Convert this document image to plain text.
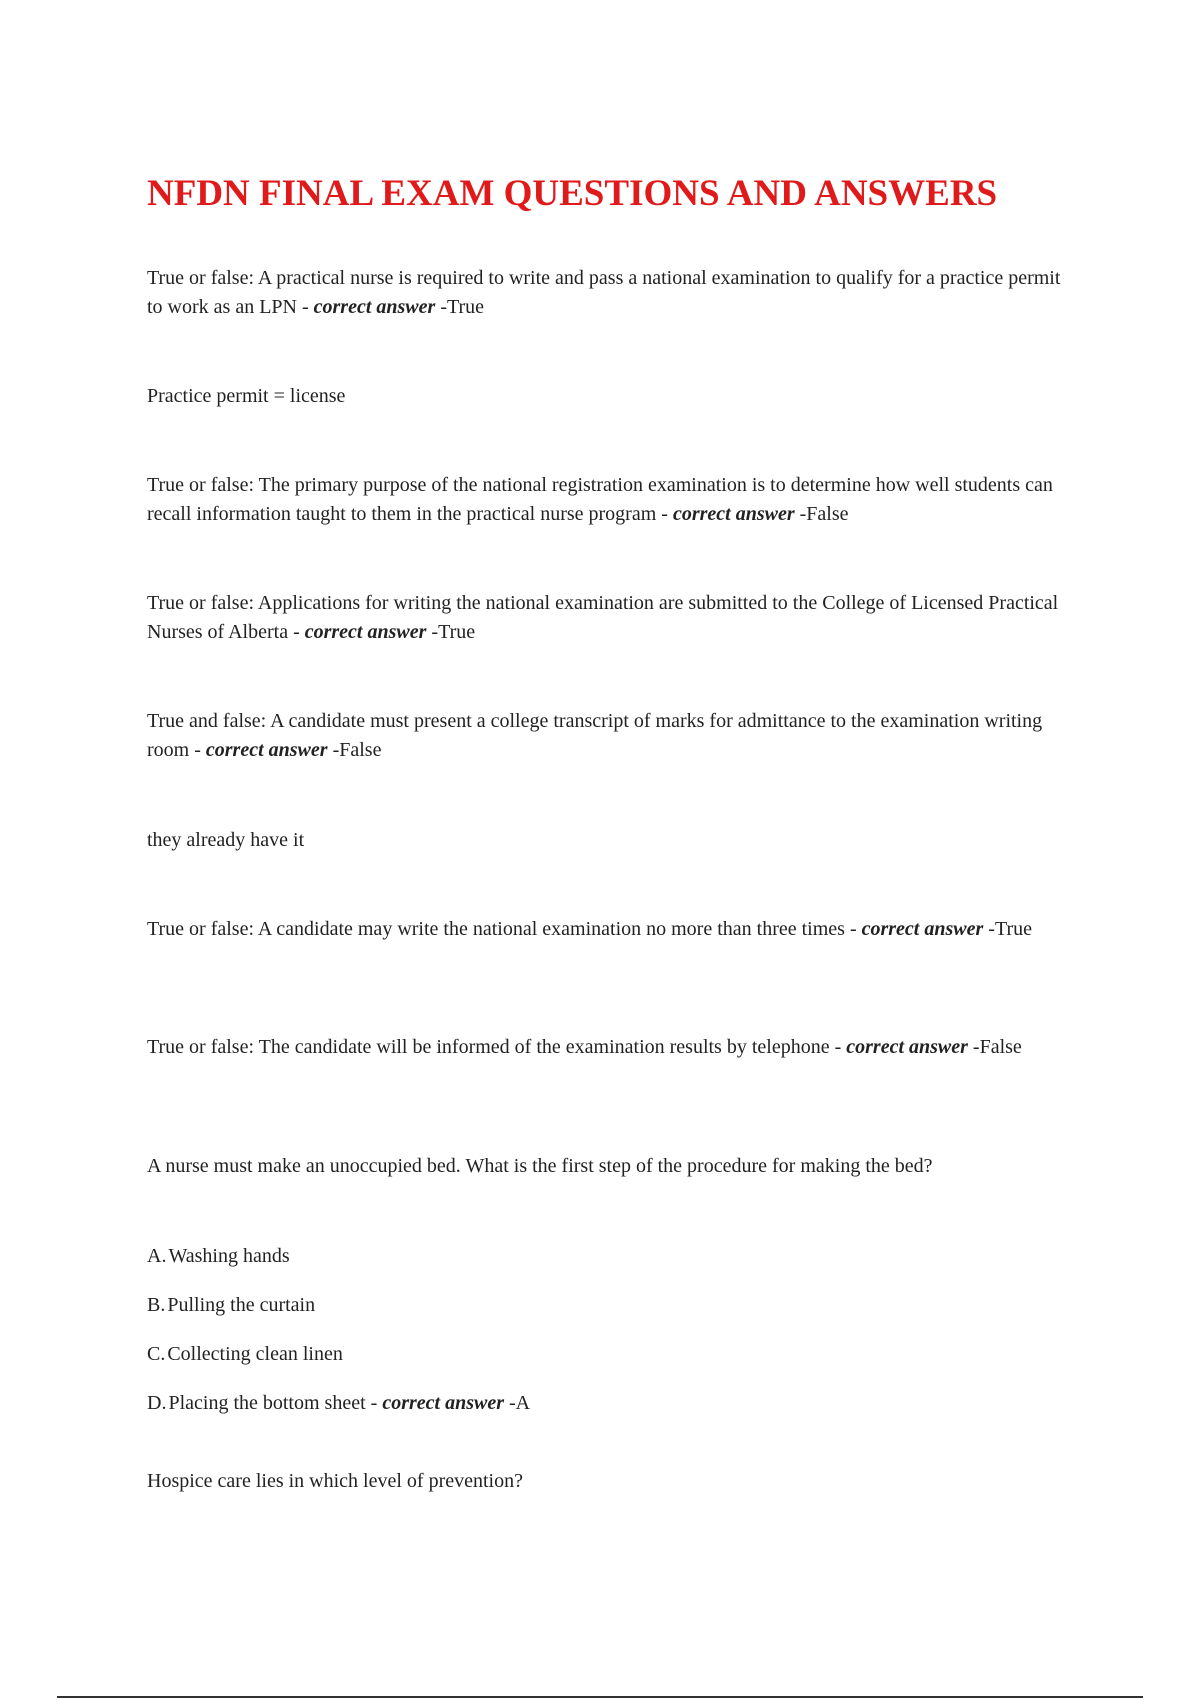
NFDN FINAL EXAM QUESTIONS AND ANSWERS

True or false: A practical nurse is required to write and pass a national examination to qualify for a practice permit to work as an LPN - correct answer -True

Practice permit = license

True or false: The primary purpose of the national registration examination is to determine how well students can recall information taught to them in the practical nurse program - correct answer -False

True or false: Applications for writing the national examination are submitted to the College of Licensed Practical Nurses of Alberta - correct answer -True

True and false: A candidate must present a college transcript of marks for admittance to the examination writing room - correct answer -False

they already have it

True or false: A candidate may write the national examination no more than three times - correct answer -True

True or false: The candidate will be informed of the examination results by telephone - correct answer -False

A nurse must make an unoccupied bed. What is the first step of the procedure for making the bed?

A. Washing hands

B. Pulling the curtain

C. Collecting clean linen

D. Placing the bottom sheet - correct answer -A

Hospice care lies in which level of prevention?
